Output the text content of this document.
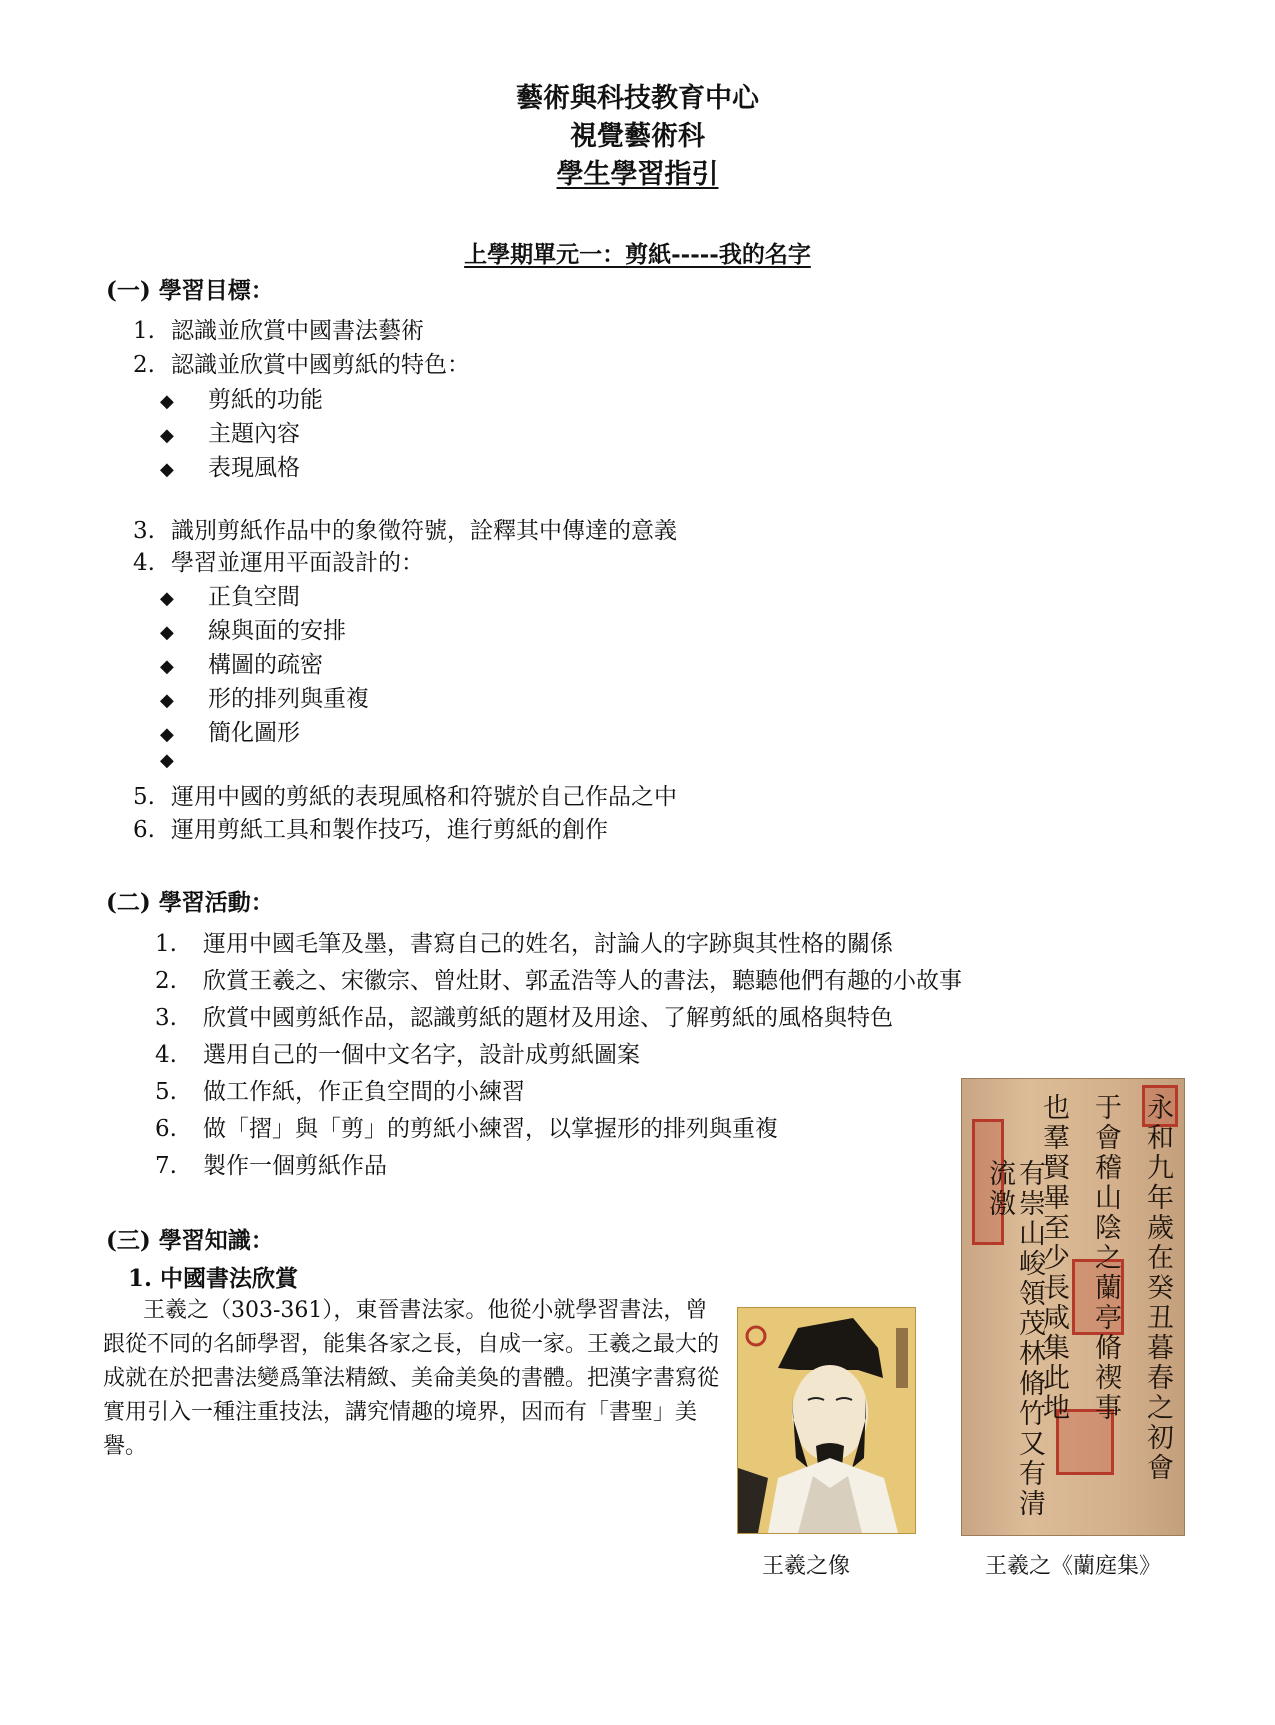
藝術與科技教育中心
視覺藝術科
學生學習指引
上學期單元一：剪紙-----我的名字
(一) 學習目標：
1. 認識並欣賞中國書法藝術
2. 認識並欣賞中國剪紙的特色：
◆ 剪紙的功能
◆ 主題內容
◆ 表現風格
3. 識別剪紙作品中的象徵符號，詮釋其中傳達的意義
4. 學習並運用平面設計的：
◆ 正負空間
◆ 線與面的安排
◆ 構圖的疏密
◆ 形的排列與重複
◆ 簡化圖形
◆
5. 運用中國的剪紙的表現風格和符號於自己作品之中
6. 運用剪紙工具和製作技巧，進行剪紙的創作
(二) 學習活動：
1. 運用中國毛筆及墨，書寫自己的姓名，討論人的字跡與其性格的關係
2. 欣賞王羲之、宋徽宗、曾灶財、郭孟浩等人的書法，聽聽他們有趣的小故事
3. 欣賞中國剪紙作品，認識剪紙的題材及用途、了解剪紙的風格與特色
4. 選用自己的一個中文名字，設計成剪紙圖案
5. 做工作紙，作正負空間的小練習
6. 做「摺」與「剪」的剪紙小練習，以掌握形的排列與重複
7. 製作一個剪紙作品
(三) 學習知識：
1. 中國書法欣賞
王羲之（303-361），東晉書法家。他從小就學習書法，曾跟從不同的名師學習，能集各家之長，自成一家。王羲之最大的成就在於把書法變爲筆法精緻、美侖美奐的書體。把漢字書寫從實用引入一種注重技法，講究情趣的境界，因而有「書聖」美譽。	永和九年歲在癸丑暮春之初會
于會稽山陰之蘭亭脩禊事
也羣賢畢至少長咸集此地
有崇山峻領茂林脩竹又有清流激
王羲之像	王羲之《蘭庭集》
